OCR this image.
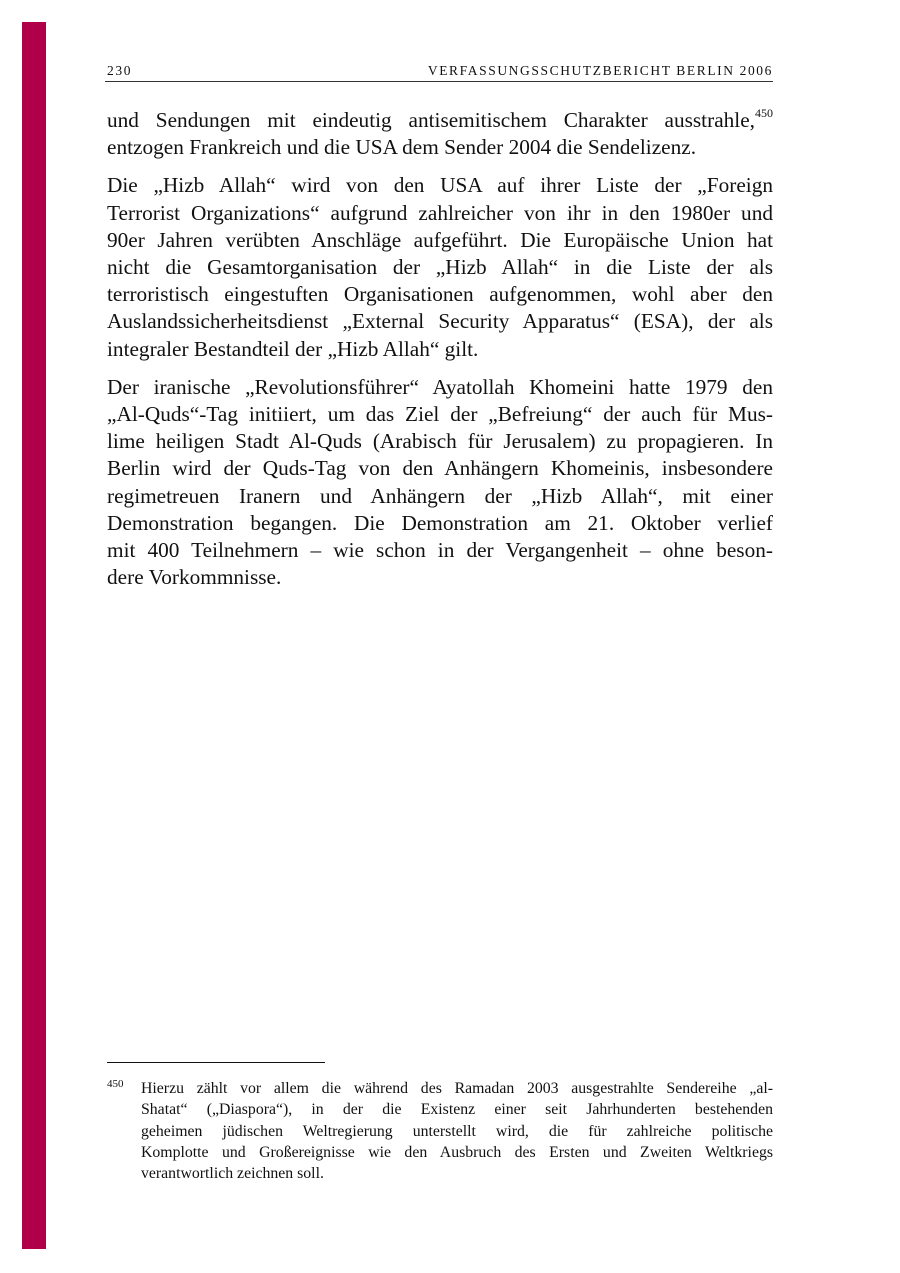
230	VERFASSUNGSSCHUTZBERICHT BERLIN 2006

und Sendungen mit eindeutig antisemitischem Charakter ausstrahle,$^{450}$
entzogen Frankreich und die USA dem Sender 2004 die Sendelizenz.

Die „Hizb Allah“ wird von den USA auf ihrer Liste der „Foreign
Terrorist Organizations“ aufgrund zahlreicher von ihr in den 1980er und
90er Jahren verübten Anschläge aufgeführt. Die Europäische Union hat
nicht die Gesamtorganisation der „Hizb Allah“ in die Liste der als
terroristisch eingestuften Organisationen aufgenommen, wohl aber den
Auslandssicherheitsdienst „External Security Apparatus“ (ESA), der als
integraler Bestandteil der „Hizb Allah“ gilt.

Der iranische „Revolutionsführer“ Ayatollah Khomeini hatte 1979 den
„Al-Quds“-Tag initiiert, um das Ziel der „Befreiung“ der auch für Mus-
lime heiligen Stadt Al-Quds (Arabisch für Jerusalem) zu propagieren. In
Berlin wird der Quds-Tag von den Anhängern Khomeinis, insbesondere
regimetreuen Iranern und Anhängern der „Hizb Allah“, mit einer
Demonstration begangen. Die Demonstration am 21. Oktober verlief
mit 400 Teilnehmern – wie schon in der Vergangenheit – ohne beson-
dere Vorkommnisse.

450 Hierzu zählt vor allem die während des Ramadan 2003 ausgestrahlte Sendereihe „al-
Shatat“ („Diaspora“), in der die Existenz einer seit Jahrhunderten bestehenden
geheimen jüdischen Weltregierung unterstellt wird, die für zahlreiche politische
Komplotte und Großereignisse wie den Ausbruch des Ersten und Zweiten Weltkriegs
verantwortlich zeichnen soll.
